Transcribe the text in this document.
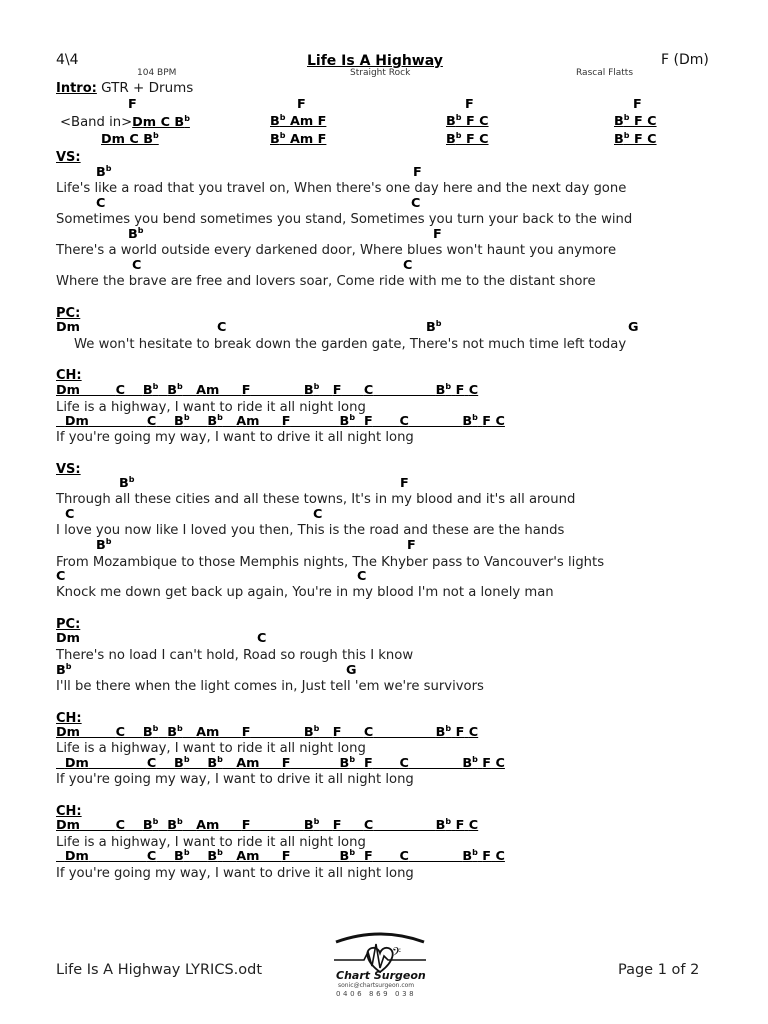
4\4	Life Is A Highway	F (Dm)
104 BPM	Straight Rock	Rascal Flatts
Intro: GTR + Drums
F	F	F	F
<Band in>Dm C $B^b$	$B^b$ Am F	$B^b$ F C	$B^b$ F C
Dm C $B^b$	$B^b$ Am F	$B^b$ F C	$B^b$ F C
VS:
$B^b$	F
Life's like a road that you travel on, When there's one day here and the next day gone
C	C
Sometimes you bend sometimes you stand, Sometimes you turn your back to the wind
$B^b$	F
There's a world outside every darkened door, Where blues won't haunt you anymore
C	C
Where the brave are free and lovers soar, Come ride with me to the distant shore
PC:
Dm	C	$B^b$	G
We won't hesitate to break down the garden gate, There's not much time left today
CH:
Dm	C $B^b$ $B^b$ Am F	$B^b$ F C	$B^b$ F C
Life is a highway, I want to ride it all night long
Dm	C $B^b$ $B^b$ Am F	$B^b$ F C	$B^b$ F C
If you're going my way, I want to drive it all night long
VS:
$B^b$	F
Through all these cities and all these towns, It's in my blood and it's all around
C	C
I love you now like I loved you then, This is the road and these are the hands
$B^b$	F
From Mozambique to those Memphis nights, The Khyber pass to Vancouver's lights
C	C
Knock me down get back up again, You're in my blood I'm not a lonely man
PC:
Dm	C
There's no load I can't hold, Road so rough this I know
$B^b$	G
I'll be there when the light comes in, Just tell 'em we're survivors
CH:
Dm	C $B^b$ $B^b$ Am F	$B^b$ F C	$B^b$ F C
Life is a highway, I want to ride it all night long
Dm	C $B^b$ $B^b$ Am F	$B^b$ F C	$B^b$ F C
If you're going my way, I want to drive it all night long
CH:
Dm	C $B^b$ $B^b$ Am F	$B^b$ F C	$B^b$ F C
Life is a highway, I want to ride it all night long
Dm	C $B^b$ $B^b$ Am F	$B^b$ F C	$B^b$ F C
If you're going my way, I want to drive it all night long
Life Is A Highway LYRICS.odt	Page 1 of 2
𝄢
Chart Surgeon
sonic@chartsurgeon.com
0406 869 038
